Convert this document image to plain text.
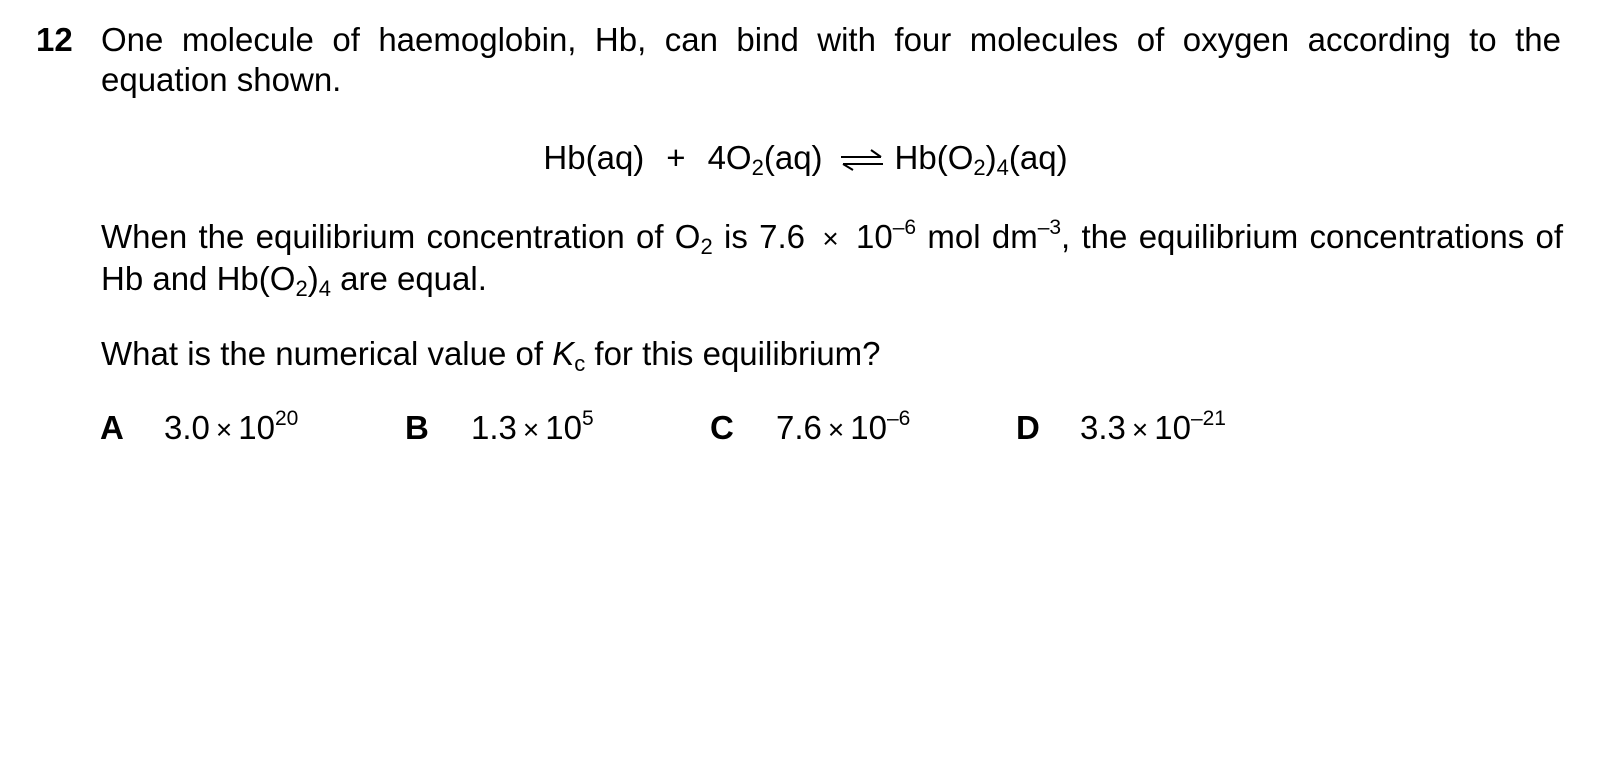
12 One molecule of haemoglobin, Hb, can bind with four molecules of oxygen according to the equation shown.
$Hb(aq) + 4O_2(aq)$ ⇌ $Hb(O_2)_4(aq)$
When the equilibrium concentration of $O_2$ is $7.6 \times 10^{-6}$ mol $dm^{-3}$, the equilibrium concentrations of Hb and $Hb(O_2)_4$ are equal.
What is the numerical value of $K_c$ for this equilibrium?
A $3.0 \times 10^{20}$	B $1.3 \times 10^5$	C $7.6 \times 10^{-6}$	D $3.3 \times 10^{-21}$
